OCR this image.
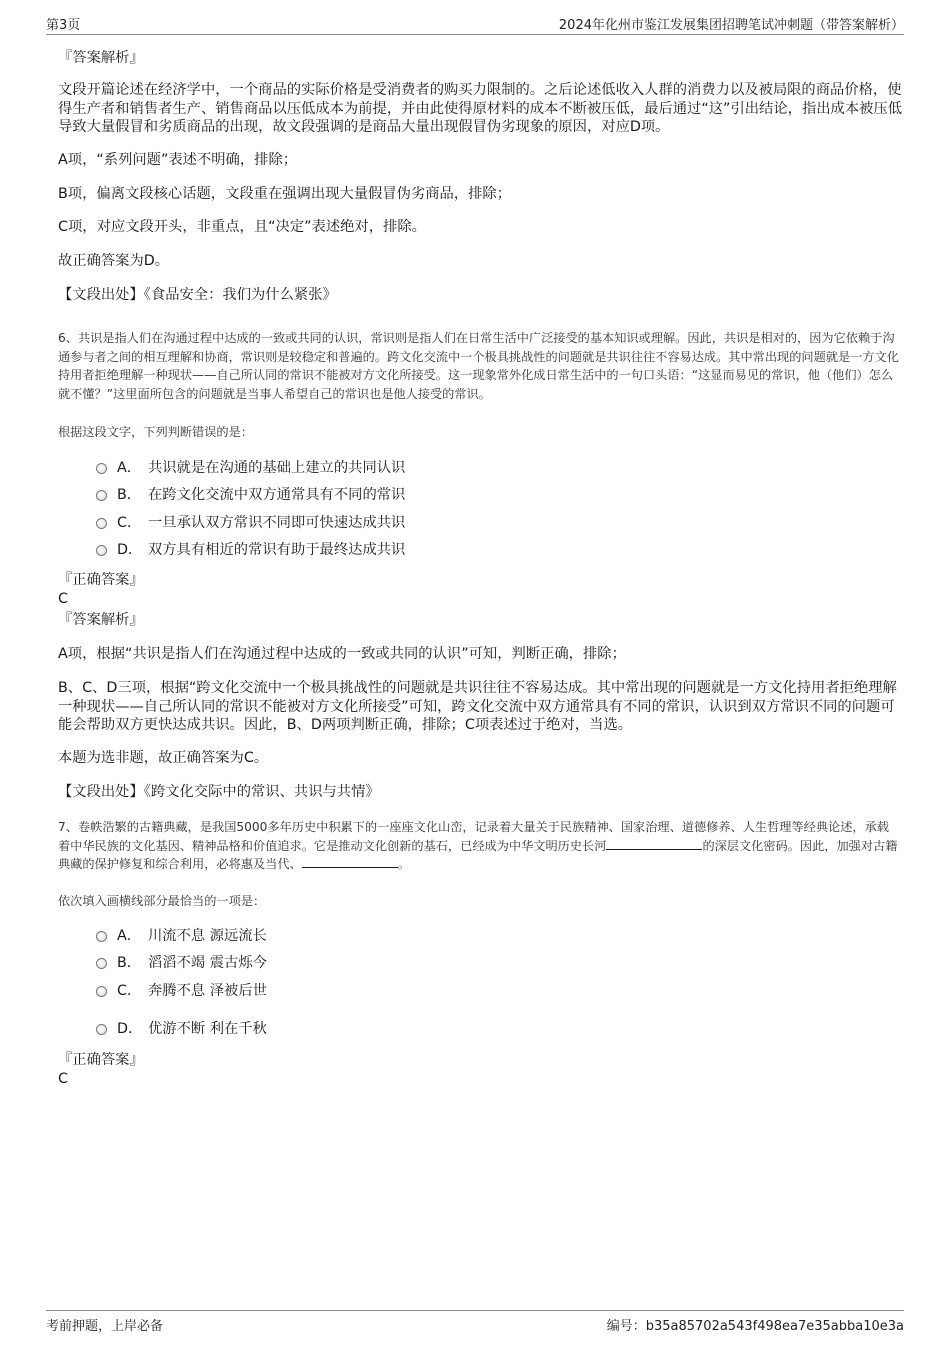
第3页	2024年化州市鉴江发展集团招聘笔试冲刺题（带答案解析）
『答案解析』

文段开篇论述在经济学中，一个商品的实际价格是受消费者的购买力限制的。之后论述低收入人群的消费力以及被局限的商品价格，使得生产者和销售者生产、销售商品以压低成本为前提，并由此使得原材料的成本不断被压低，最后通过“这”引出结论，指出成本被压低导致大量假冒和劣质商品的出现，故文段强调的是商品大量出现假冒伪劣现象的原因，对应D项。

A项，“系列问题”表述不明确，排除；
B项，偏离文段核心话题，文段重在强调出现大量假冒伪劣商品，排除；
C项，对应文段开头，非重点，且“决定”表述绝对，排除。
故正确答案为D。
【文段出处】《食品安全：我们为什么紧张》

6、共识是指人们在沟通过程中达成的一致或共同的认识，常识则是指人们在日常生活中广泛接受的基本知识或理解。因此，共识是相对的，因为它依赖于沟通参与者之间的相互理解和协商，常识则是较稳定和普遍的。跨文化交流中一个极具挑战性的问题就是共识往往不容易达成。其中常出现的问题就是一方文化持用者拒绝理解一种现状——自己所认同的常识不能被对方文化所接受。这一现象常外化成日常生活中的一句口头语：“这显而易见的常识，他（他们）怎么就不懂？”这里面所包含的问题就是当事人希望自己的常识也是他人接受的常识。

根据这段文字，下列判断错误的是：
A． 共识就是在沟通的基础上建立的共同认识
B． 在跨文化交流中双方通常具有不同的常识
C． 一旦承认双方常识不同即可快速达成共识
D． 双方具有相近的常识有助于最终达成共识
『正确答案』
C
『答案解析』
A项，根据“共识是指人们在沟通过程中达成的一致或共同的认识”可知，判断正确，排除；

B、C、D三项，根据“跨文化交流中一个极具挑战性的问题就是共识往往不容易达成。其中常出现的问题就是一方文化持用者拒绝理解一种现状——自己所认同的常识不能被对方文化所接受”可知，跨文化交流中双方通常具有不同的常识，认识到双方常识不同的问题可能会帮助双方更快达成共识。因此，B、D两项判断正确，排除；C项表述过于绝对，当选。

本题为选非题，故正确答案为C。
【文段出处】《跨文化交际中的常识、共识与共情》

7、卷帙浩繁的古籍典藏，是我国5000多年历史中积累下的一座座文化山峦，记录着大量关于民族精神、国家治理、道德修养、人生哲理等经典论述，承载着中华民族的文化基因、精神品格和价值追求。它是推动文化创新的基石，已经成为中华文明历史长河	的深层文化密码。因此，加强对古籍典藏的保护修复和综合利用，必将惠及当代、	。

依次填入画横线部分最恰当的一项是：
A． 川流不息 源远流长
B． 滔滔不竭 震古烁今
C． 奔腾不息 泽被后世
D． 优游不断 利在千秋
『正确答案』
C
考前押题，上岸必备	编号：b35a85702a543f498ea7e35abba10e3a
